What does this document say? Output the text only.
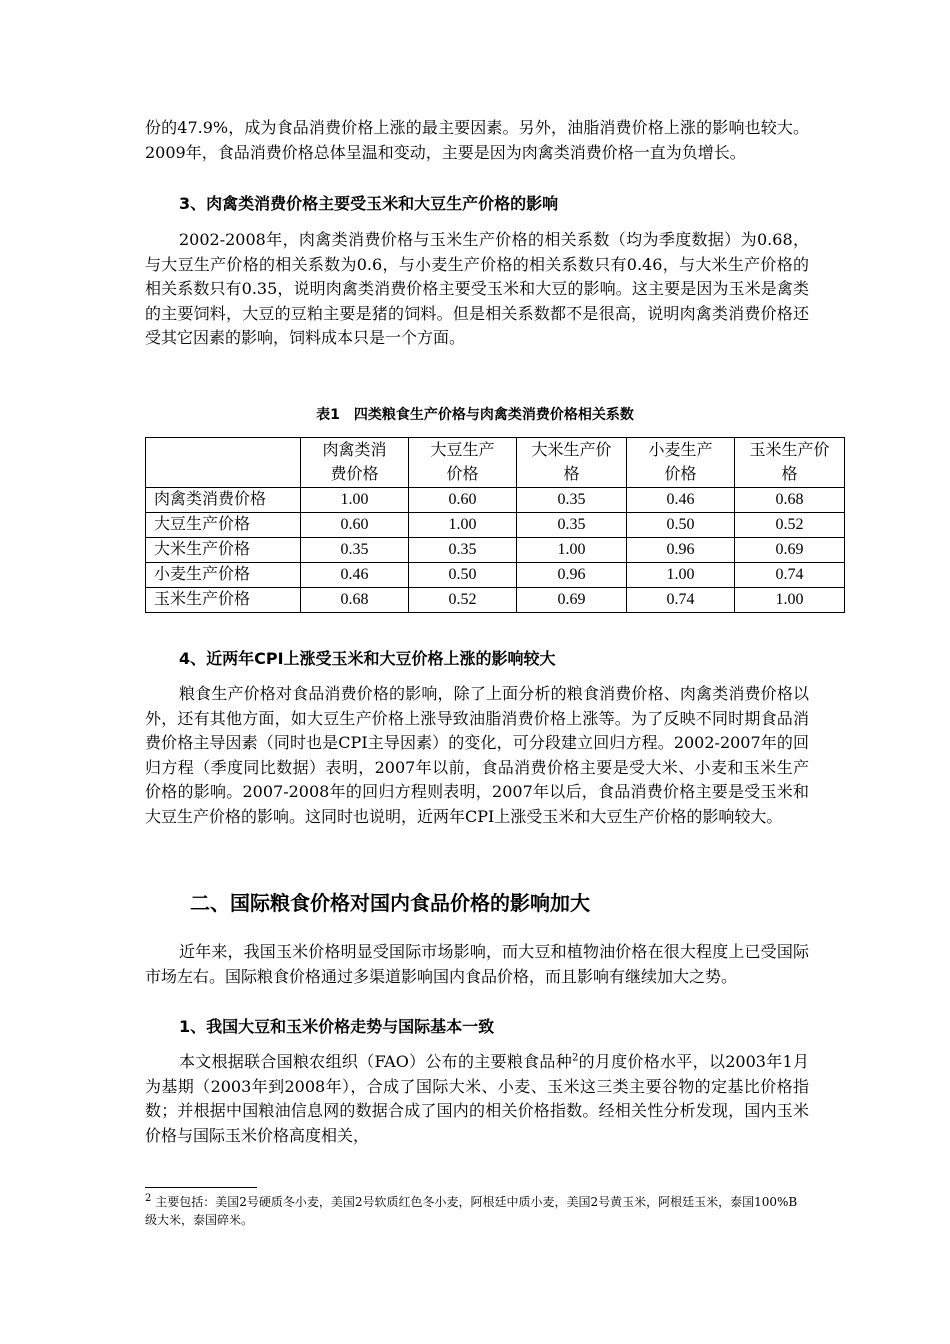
份的47.9%，成为食品消费价格上涨的最主要因素。另外，油脂消费价格上涨的影响也较大。2009年，食品消费价格总体呈温和变动，主要是因为肉禽类消费价格一直为负增长。

3、肉禽类消费价格主要受玉米和大豆生产价格的影响

2002-2008年，肉禽类消费价格与玉米生产价格的相关系数（均为季度数据）为0.68，与大豆生产价格的相关系数为0.6，与小麦生产价格的相关系数只有0.46，与大米生产价格的相关系数只有0.35，说明肉禽类消费价格主要受玉米和大豆的影响。这主要是因为玉米是禽类的主要饲料，大豆的豆粕主要是猪的饲料。但是相关系数都不是很高，说明肉禽类消费价格还受其它因素的影响，饲料成本只是一个方面。

表1　四类粮食生产价格与肉禽类消费价格相关系数

	肉禽类消费价格	大豆生产价格	大米生产价格	小麦生产价格	玉米生产价格
肉禽类消费价格	1.00	0.60	0.35	0.46	0.68
大豆生产价格	0.60	1.00	0.35	0.50	0.52
大米生产价格	0.35	0.35	1.00	0.96	0.69
小麦生产价格	0.46	0.50	0.96	1.00	0.74
玉米生产价格	0.68	0.52	0.69	0.74	1.00

4、近两年CPI上涨受玉米和大豆价格上涨的影响较大

粮食生产价格对食品消费价格的影响，除了上面分析的粮食消费价格、肉禽类消费价格以外，还有其他方面，如大豆生产价格上涨导致油脂消费价格上涨等。为了反映不同时期食品消费价格主导因素（同时也是CPI主导因素）的变化，可分段建立回归方程。2002-2007年的回归方程（季度同比数据）表明，2007年以前，食品消费价格主要是受大米、小麦和玉米生产价格的影响。2007-2008年的回归方程则表明，2007年以后，食品消费价格主要是受玉米和大豆生产价格的影响。这同时也说明，近两年CPI上涨受玉米和大豆生产价格的影响较大。

二、国际粮食价格对国内食品价格的影响加大

近年来，我国玉米价格明显受国际市场影响，而大豆和植物油价格在很大程度上已受国际市场左右。国际粮食价格通过多渠道影响国内食品价格，而且影响有继续加大之势。

1、我国大豆和玉米价格走势与国际基本一致

本文根据联合国粮农组织（FAO）公布的主要粮食品种$^2$的月度价格水平，以2003年1月为基期（2003年到2008年），合成了国际大米、小麦、玉米这三类主要谷物的定基比价格指数；并根据中国粮油信息网的数据合成了国内的相关价格指数。经相关性分析发现，国内玉米价格与国际玉米价格高度相关，

$^2$ 主要包括：美国2号硬质冬小麦，美国2号软质红色冬小麦，阿根廷中质小麦，美国2号黄玉米，阿根廷玉米，泰国100%B级大米，泰国碎米。
